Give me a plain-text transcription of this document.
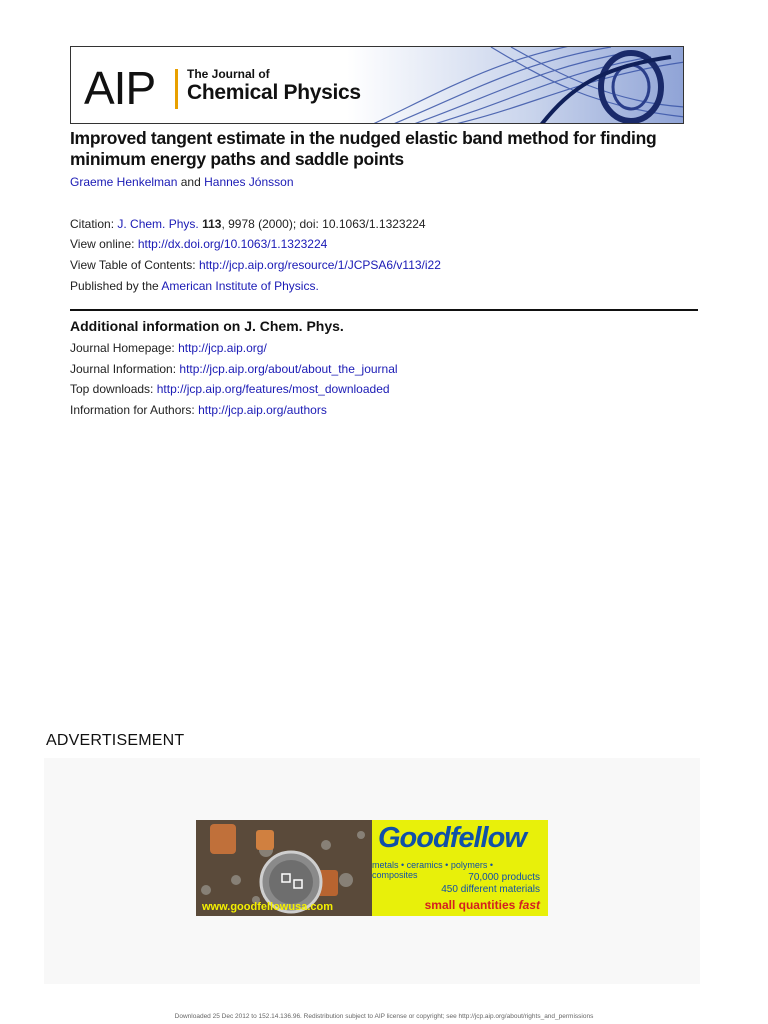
AIP	The Journal of
Chemical Physics
Improved tangent estimate in the nudged elastic band method for finding minimum energy paths and saddle points
Graeme Henkelman and Hannes Jónsson
Citation: J. Chem. Phys. 113, 9978 (2000); doi: 10.1063/1.1323224
View online: http://dx.doi.org/10.1063/1.1323224
View Table of Contents: http://jcp.aip.org/resource/1/JCPSA6/v113/i22
Published by the American Institute of Physics.
Additional information on J. Chem. Phys.
Journal Homepage: http://jcp.aip.org/
Journal Information: http://jcp.aip.org/about/about_the_journal
Top downloads: http://jcp.aip.org/features/most_downloaded
Information for Authors: http://jcp.aip.org/authors
ADVERTISEMENT
Goodfellow
metals • ceramics • polymers • composites	70,000 products
450 different materials
small quantities fast
www.goodfellowusa.com
Downloaded 25 Dec 2012 to 152.14.136.96. Redistribution subject to AIP license or copyright; see http://jcp.aip.org/about/rights_and_permissions
